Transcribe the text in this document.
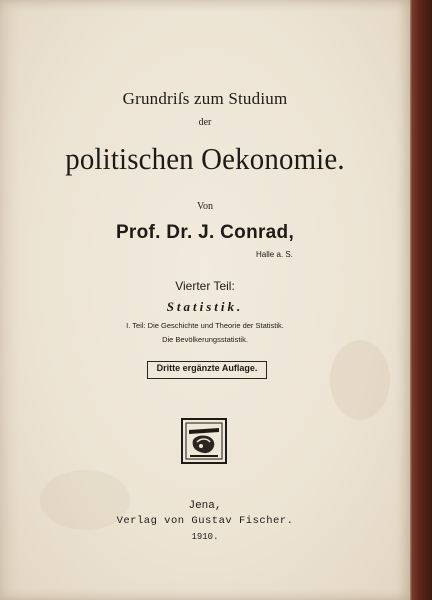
Grundriſs zum Studium
der
politischen Oekonomie.
Von
Prof. Dr. J. Conrad,
Halle a. S.
Vierter Teil:
Statistik.
I. Teil: Die Geschichte und Theorie der Statistik.
Die Bevölkerungsstatistik.
Dritte ergänzte Auflage.
Jena,
Verlag von Gustav Fischer.
1910.
